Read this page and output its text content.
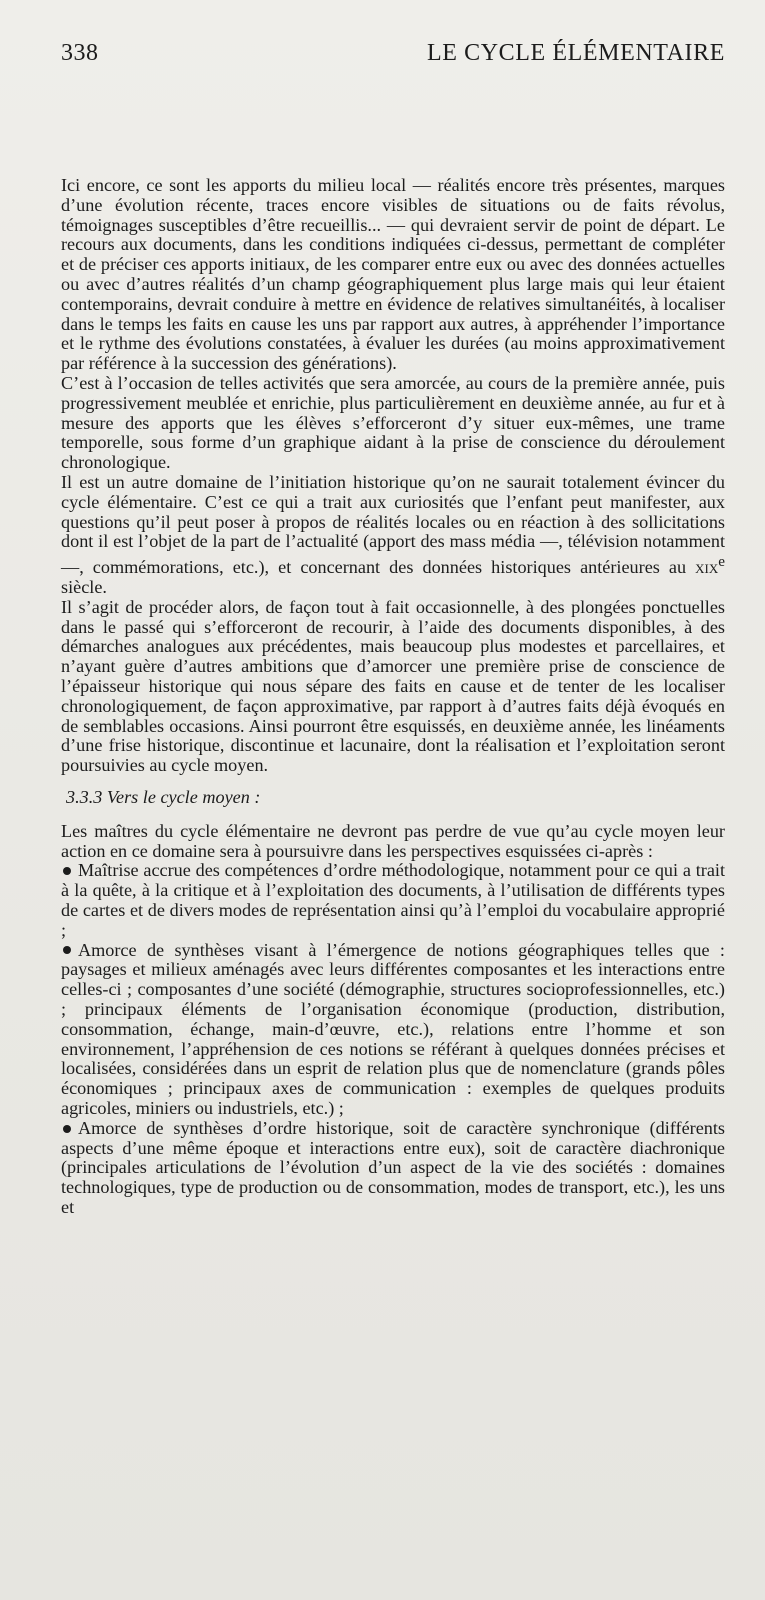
338	LE CYCLE ÉLÉMENTAIRE

Ici encore, ce sont les apports du milieu local — réalités encore très présentes, marques d’une évolution récente, traces encore visibles de situations ou de faits révolus, témoignages susceptibles d’être recueillis... — qui devraient servir de point de départ. Le recours aux documents, dans les conditions indiquées ci-dessus, permettant de compléter et de préciser ces apports initiaux, de les comparer entre eux ou avec des données actuelles ou avec d’autres réalités d’un champ géographiquement plus large mais qui leur étaient contemporains, devrait conduire à mettre en évidence de relatives simultanéités, à localiser dans le temps les faits en cause les uns par rapport aux autres, à appréhender l’importance et le rythme des évolutions constatées, à évaluer les durées (au moins approximativement par référence à la succession des générations).

C’est à l’occasion de telles activités que sera amorcée, au cours de la première année, puis progressivement meublée et enrichie, plus particulièrement en deuxième année, au fur et à mesure des apports que les élèves s’efforceront d’y situer eux-mêmes, une trame temporelle, sous forme d’un graphique aidant à la prise de conscience du déroulement chronologique.

Il est un autre domaine de l’initiation historique qu’on ne saurait totalement évincer du cycle élémentaire. C’est ce qui a trait aux curiosités que l’enfant peut manifester, aux questions qu’il peut poser à propos de réalités locales ou en réaction à des sollicitations dont il est l’objet de la part de l’actualité (apport des mass média —, télévision notamment —, commémorations, etc.), et concernant des données historiques antérieures au xix$^e$ siècle.

Il s’agit de procéder alors, de façon tout à fait occasionnelle, à des plongées ponctuelles dans le passé qui s’efforceront de recourir, à l’aide des documents disponibles, à des démarches analogues aux précédentes, mais beaucoup plus modestes et parcellaires, et n’ayant guère d’autres ambitions que d’amorcer une première prise de conscience de l’épaisseur historique qui nous sépare des faits en cause et de tenter de les localiser chronologiquement, de façon approximative, par rapport à d’autres faits déjà évoqués en de semblables occasions. Ainsi pourront être esquissés, en deuxième année, les linéaments d’une frise historique, discontinue et lacunaire, dont la réalisation et l’exploitation seront poursuivies au cycle moyen.

3.3.3 Vers le cycle moyen :

Les maîtres du cycle élémentaire ne devront pas perdre de vue qu’au cycle moyen leur action en ce domaine sera à poursuivre dans les perspectives esquissées ci-après :

Maîtrise accrue des compétences d’ordre méthodologique, notamment pour ce qui a trait à la quête, à la critique et à l’exploitation des documents, à l’utilisation de différents types de cartes et de divers modes de représentation ainsi qu’à l’emploi du vocabulaire approprié ;

Amorce de synthèses visant à l’émergence de notions géographiques telles que : paysages et milieux aménagés avec leurs différentes composantes et les interactions entre celles-ci ; composantes d’une société (démographie, structures socioprofessionnelles, etc.) ; principaux éléments de l’organisation économique (production, distribution, consommation, échange, main-d’œuvre, etc.), relations entre l’homme et son environnement, l’appréhension de ces notions se référant à quelques données précises et localisées, considérées dans un esprit de relation plus que de nomenclature (grands pôles économiques ; principaux axes de communication : exemples de quelques produits agricoles, miniers ou industriels, etc.) ;

Amorce de synthèses d’ordre historique, soit de caractère synchronique (différents aspects d’une même époque et interactions entre eux), soit de caractère diachronique (principales articulations de l’évolution d’un aspect de la vie des sociétés : domaines technologiques, type de production ou de consommation, modes de transport, etc.), les uns et
